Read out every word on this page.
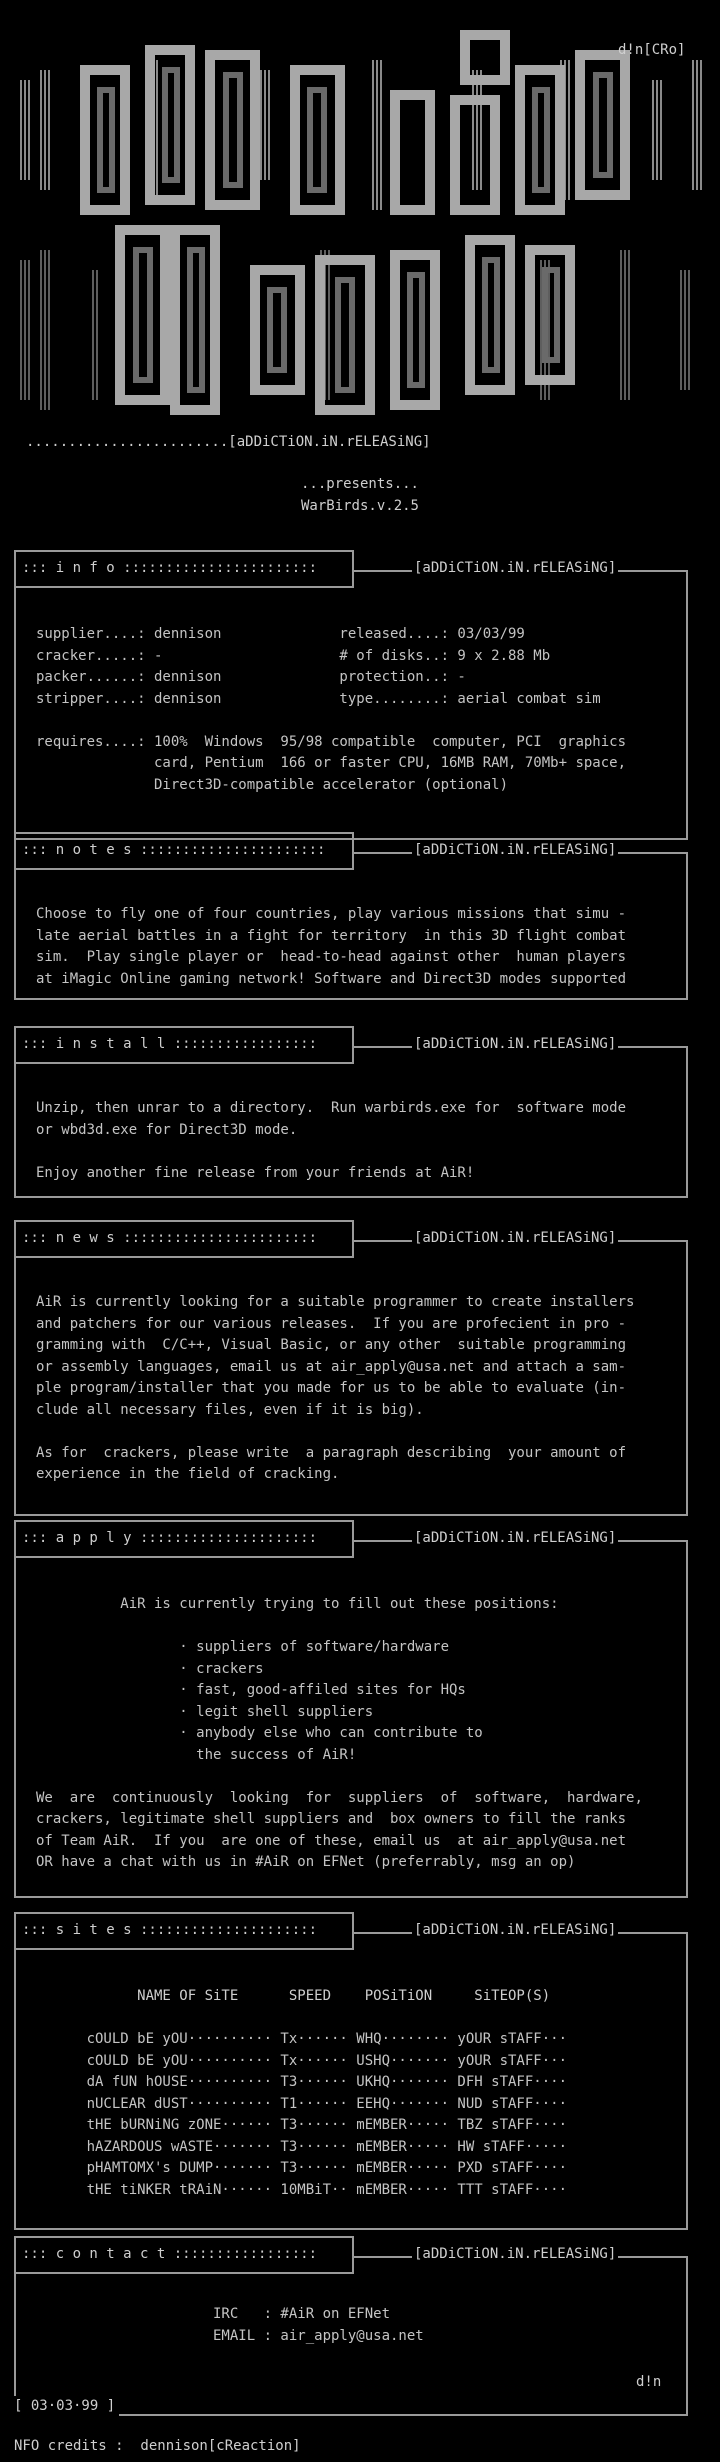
d!n[CRo]
........................[aDDiCTiON.iN.rELEASiNG]
...presents...
WarBirds.v.2.5
::: i n f o :::::::::::::::::::::::	[aDDiCTiON.iN.rELEASiNG]
supplier....: dennison              released....: 03/03/99
cracker.....: -                     # of disks..: 9 x 2.88 Mb
packer......: dennison              protection..: -
stripper....: dennison              type........: aerial combat sim

requires....: 100%  Windows  95/98 compatible  computer, PCI  graphics
card, Pentium  166 or faster CPU, 16MB RAM, 70Mb+ space,
Direct3D-compatible accelerator (optional)
::: n o t e s ::::::::::::::::::::::	[aDDiCTiON.iN.rELEASiNG]
Choose to fly one of four countries, play various missions that simu -
late aerial battles in a fight for territory  in this 3D flight combat
sim.  Play single player or  head-to-head against other  human players
at iMagic Online gaming network! Software and Direct3D modes supported
::: i n s t a l l :::::::::::::::::	[aDDiCTiON.iN.rELEASiNG]
Unzip, then unrar to a directory.  Run warbirds.exe for  software mode
or wbd3d.exe for Direct3D mode.

Enjoy another fine release from your friends at AiR!
::: n e w s :::::::::::::::::::::::	[aDDiCTiON.iN.rELEASiNG]
AiR is currently looking for a suitable programmer to create installers
and patchers for our various releases.  If you are profecient in pro -
gramming with  C/C++, Visual Basic, or any other  suitable programming
or assembly languages, email us at air_apply@usa.net and attach a sam-
ple program/installer that you made for us to be able to evaluate (in-
clude all necessary files, even if it is big).

As for  crackers, please write  a paragraph describing  your amount of
experience in the field of cracking.
::: a p p l y :::::::::::::::::::::	[aDDiCTiON.iN.rELEASiNG]
AiR is currently trying to fill out these positions:

· suppliers of software/hardware
· crackers
· fast, good-affiled sites for HQs
· legit shell suppliers
· anybody else who can contribute to
the success of AiR!

We  are  continuously  looking  for  suppliers  of  software,  hardware,
crackers, legitimate shell suppliers and  box owners to fill the ranks
of Team AiR.  If you  are one of these, email us  at air_apply@usa.net
OR have a chat with us in #AiR on EFNet (preferrably, msg an op)
::: s i t e s :::::::::::::::::::::	[aDDiCTiON.iN.rELEASiNG]
NAME OF SiTE      SPEED    POSiTiON     SiTEOP(S)

cOULD bE yOU·········· Tx······ WHQ········ yOUR sTAFF···
cOULD bE yOU·········· Tx······ USHQ······· yOUR sTAFF···
dA fUN hOUSE·········· T3······ UKHQ······· DFH sTAFF····
nUCLEAR dUST·········· T1······ EEHQ······· NUD sTAFF····
tHE bURNiNG zONE······ T3······ mEMBER····· TBZ sTAFF····
hAZARDOUS wASTE······· T3······ mEMBER····· HW sTAFF·····
pHAMTOMX's DUMP······· T3······ mEMBER····· PXD sTAFF····
tHE tiNKER tRAiN······ 10MBiT·· mEMBER····· TTT sTAFF····
::: c o n t a c t :::::::::::::::::	[aDDiCTiON.iN.rELEASiNG]
IRC   : #AiR on EFNet
EMAIL : air_apply@usa.net
d!n
[ 03·03·99 ]
NFO credits :  dennison[cReaction]
